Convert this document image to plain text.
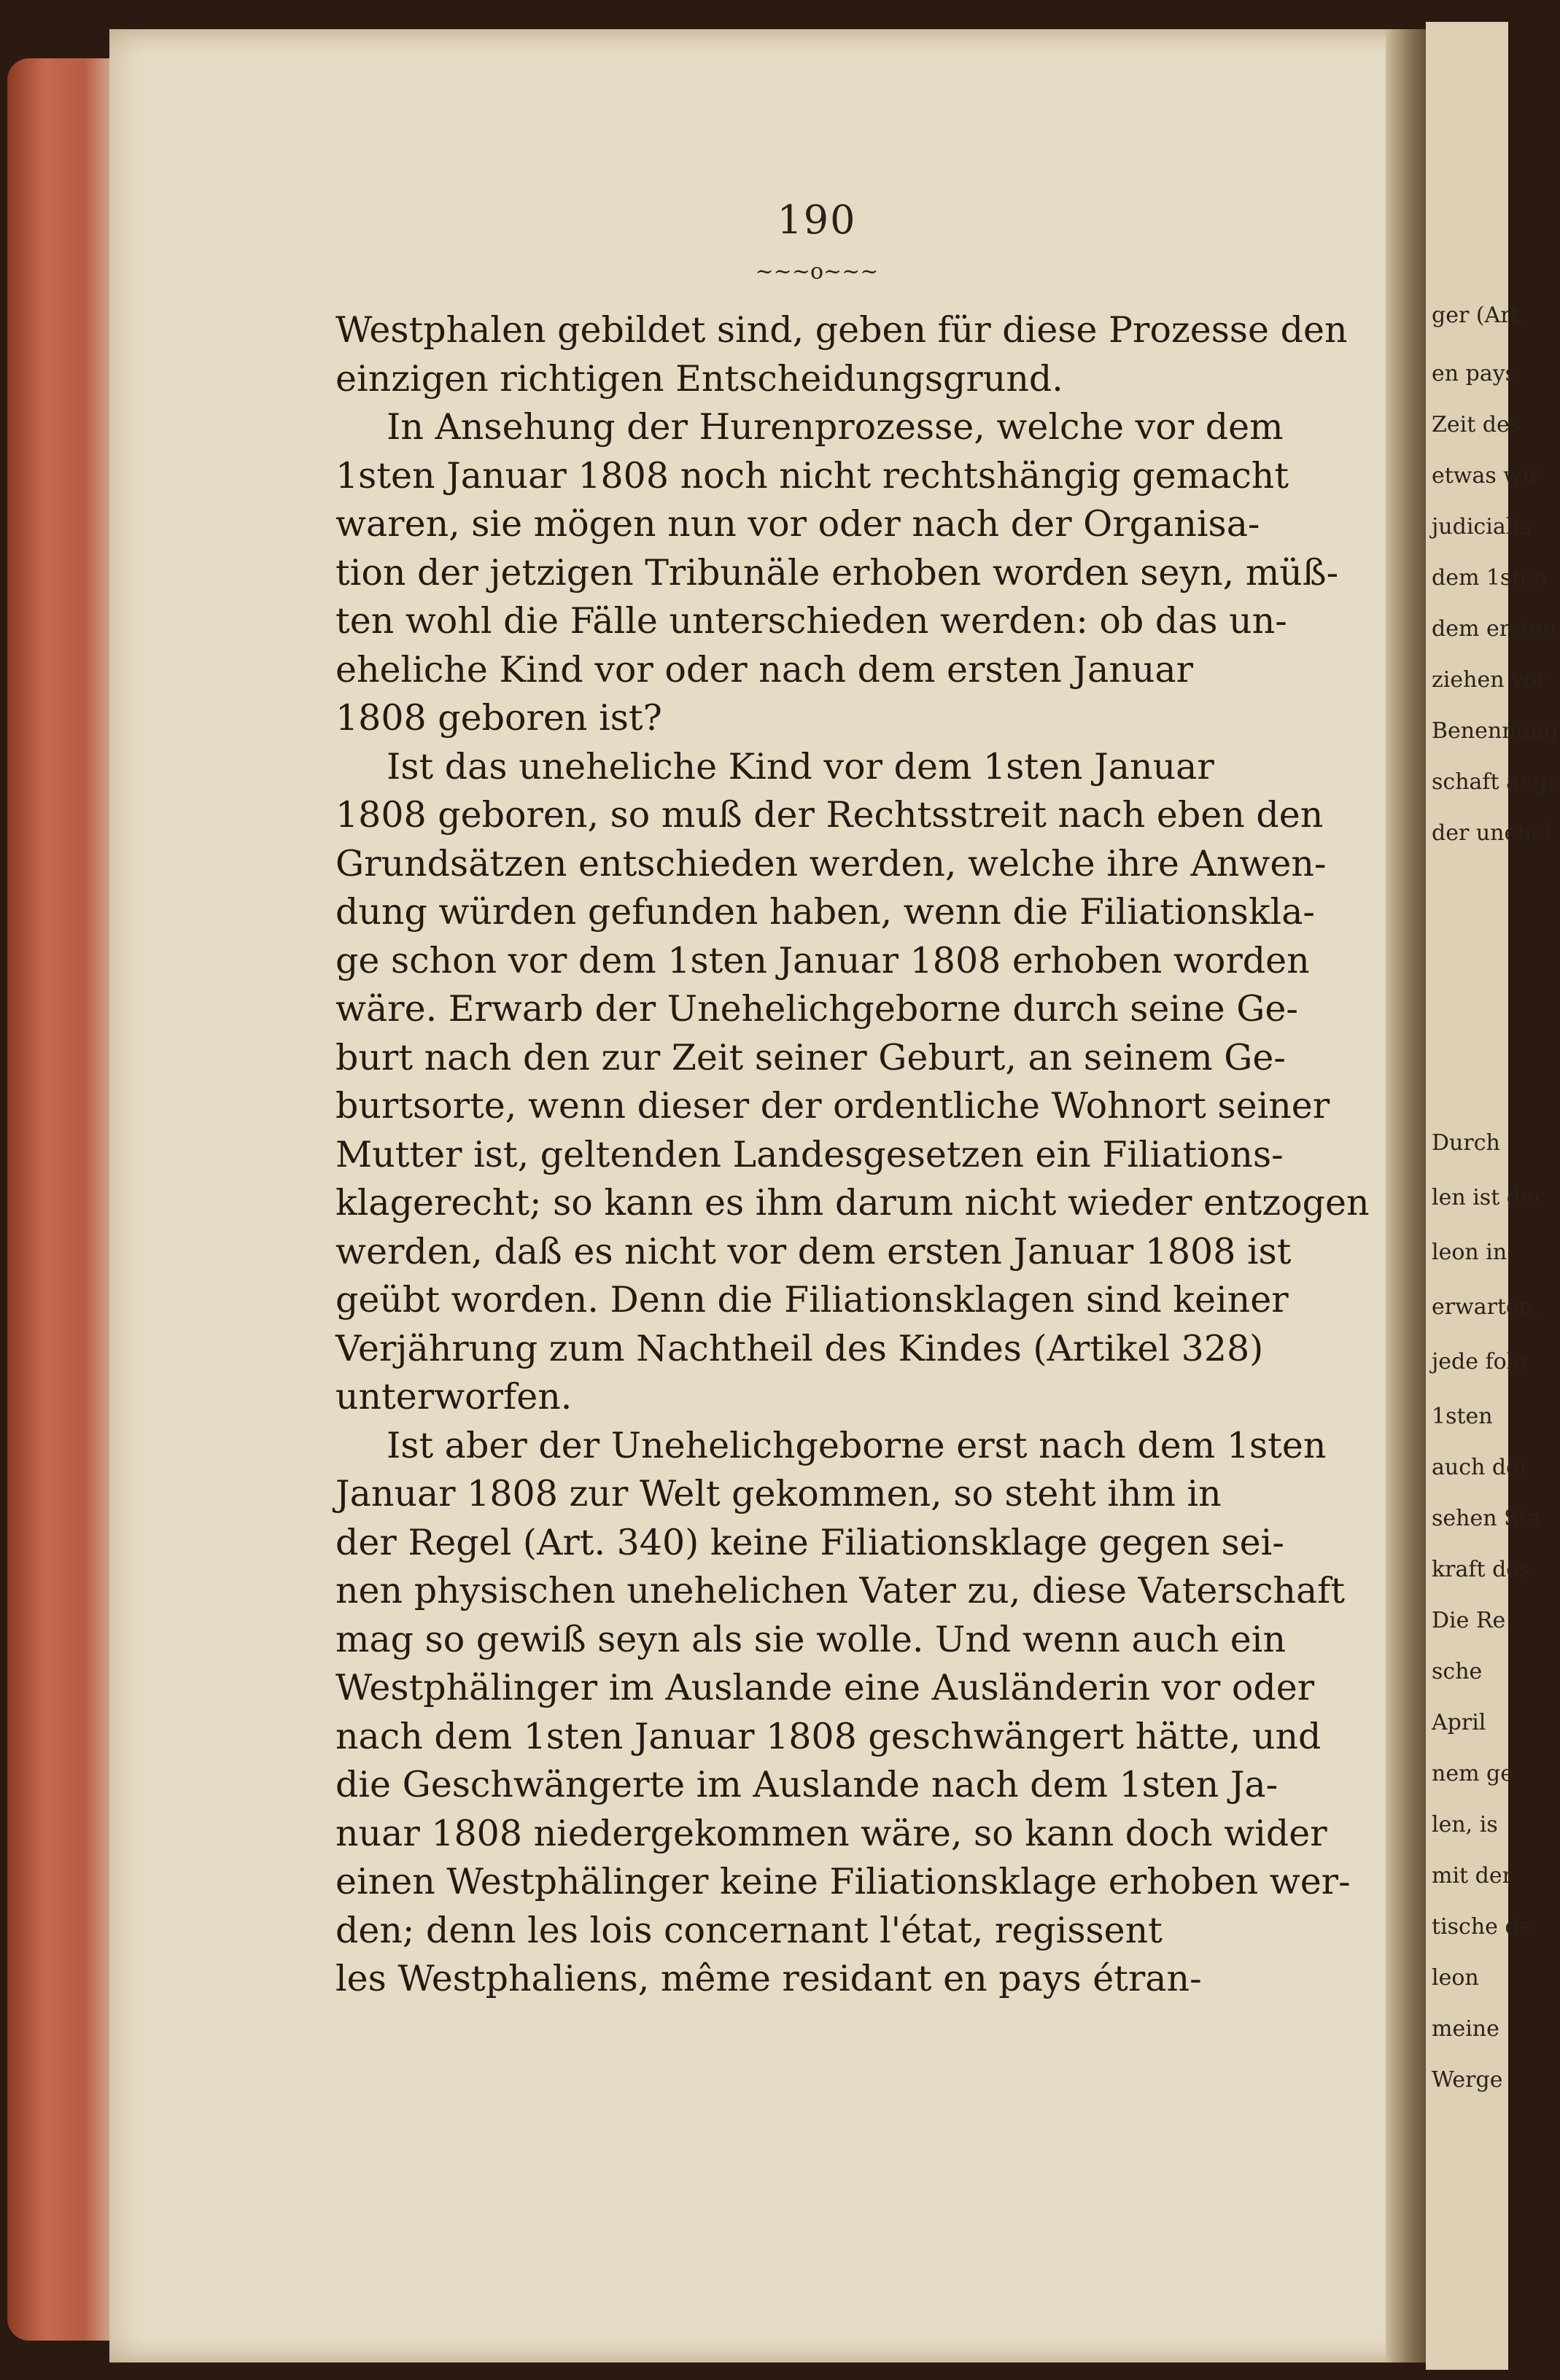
ger (Art.
en pays
Zeit des
etwas wir
judicialis
dem 1sten
dem ersten
ziehen vor
Benennung
schaft ange
der unehel
Durch
len ist der
leon in
erwarten,
jede folg
1sten
auch der
sehen Sta
kraft des
Die Re
sche
April
nem ge
len, is
mit der
tische de
leon
meine
Werge
190
~~~o~~~
Westphalen gebildet sind, geben für diese Prozesse den
einzigen richtigen Entscheidungsgrund.
In Ansehung der Hurenprozesse, welche vor dem
1sten Januar 1808 noch nicht rechtshängig gemacht
waren, sie mögen nun vor oder nach der Organisa-
tion der jetzigen Tribunäle erhoben worden seyn, müß-
ten wohl die Fälle unterschieden werden: ob das un-
eheliche Kind vor oder nach dem ersten Januar
1808 geboren ist?
Ist das uneheliche Kind vor dem 1sten Januar
1808 geboren, so muß der Rechtsstreit nach eben den
Grundsätzen entschieden werden, welche ihre Anwen-
dung würden gefunden haben, wenn die Filiationskla-
ge schon vor dem 1sten Januar 1808 erhoben worden
wäre. Erwarb der Unehelichgeborne durch seine Ge-
burt nach den zur Zeit seiner Geburt, an seinem Ge-
burtsorte, wenn dieser der ordentliche Wohnort seiner
Mutter ist, geltenden Landesgesetzen ein Filiations-
klagerecht; so kann es ihm darum nicht wieder entzogen
werden, daß es nicht vor dem ersten Januar 1808 ist
geübt worden. Denn die Filiationsklagen sind keiner
Verjährung zum Nachtheil des Kindes (Artikel 328)
unterworfen.
Ist aber der Unehelichgeborne erst nach dem 1sten
Januar 1808 zur Welt gekommen, so steht ihm in
der Regel (Art. 340) keine Filiationsklage gegen sei-
nen physischen unehelichen Vater zu, diese Vaterschaft
mag so gewiß seyn als sie wolle. Und wenn auch ein
Westphälinger im Auslande eine Ausländerin vor oder
nach dem 1sten Januar 1808 geschwängert hätte, und
die Geschwängerte im Auslande nach dem 1sten Ja-
nuar 1808 niedergekommen wäre, so kann doch wider
einen Westphälinger keine Filiationsklage erhoben wer-
den; denn les lois concernant l'état, regissent
les Westphaliens, même residant en pays étran-
